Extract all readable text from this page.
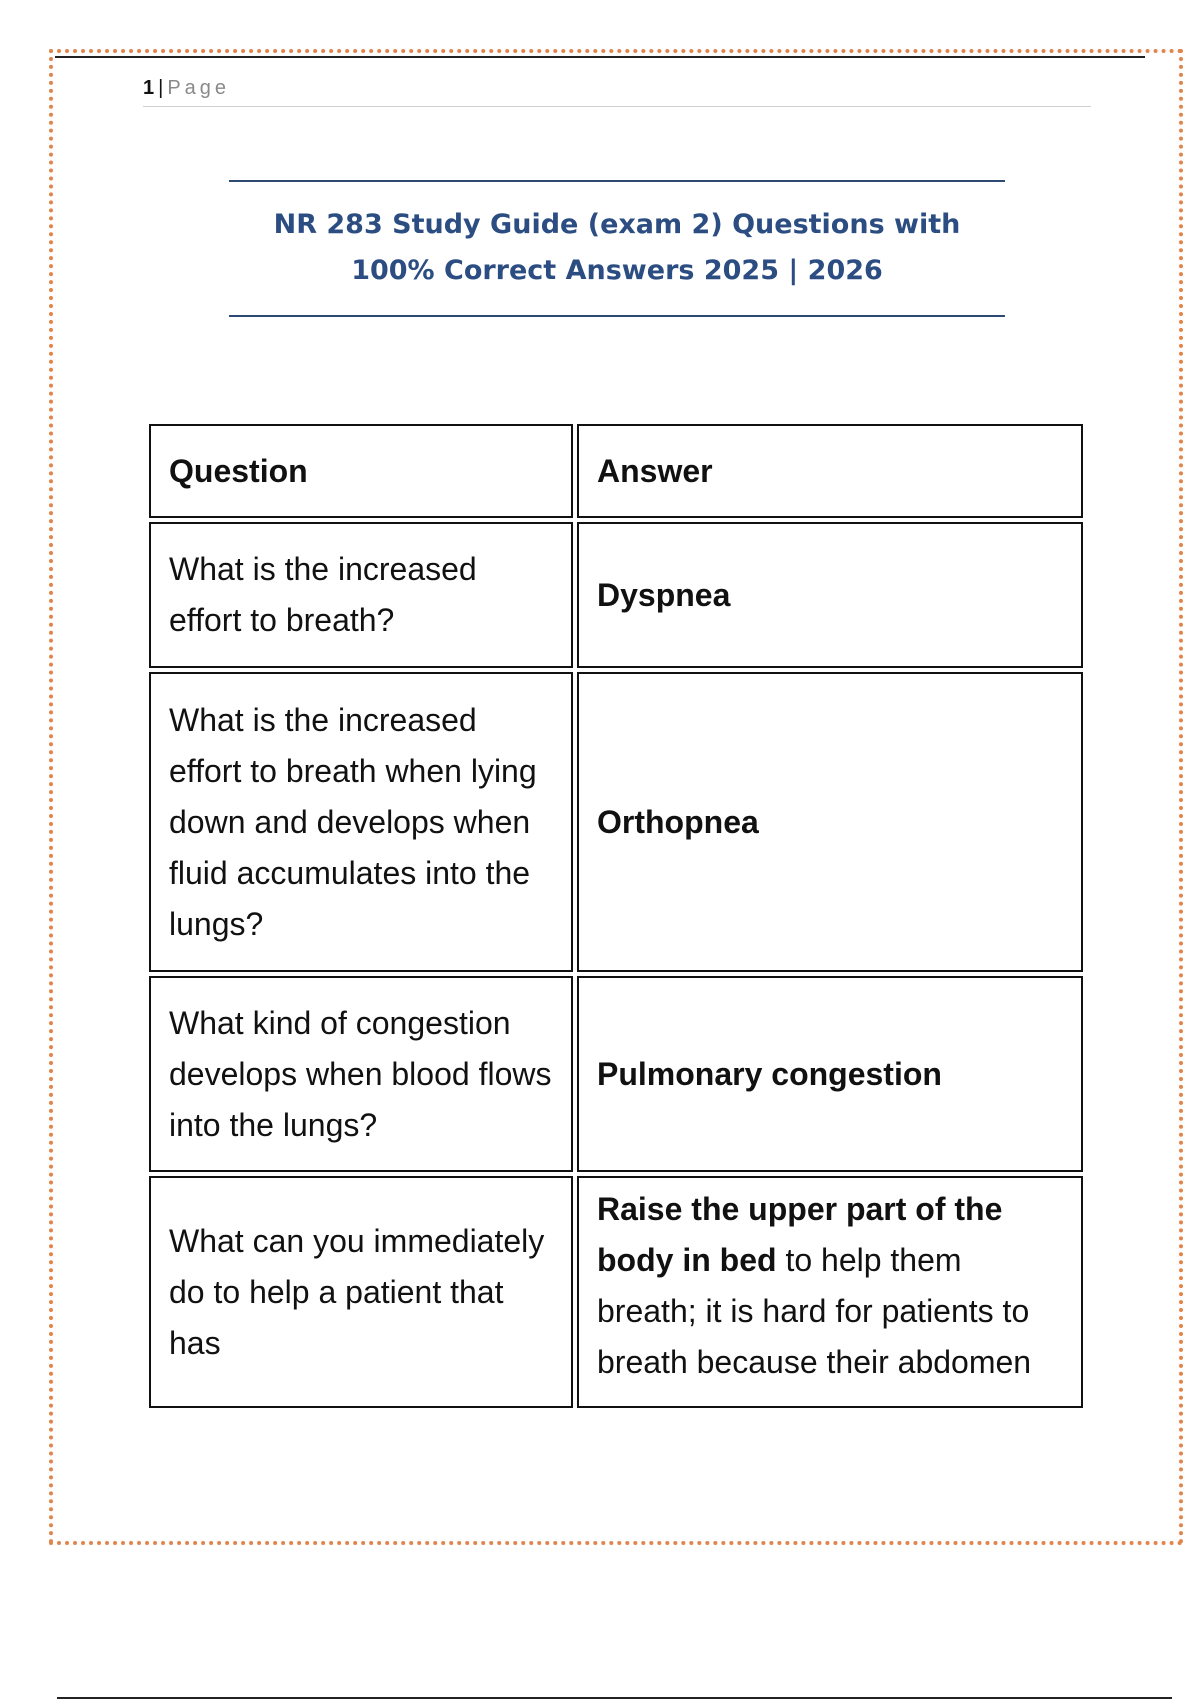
1 | Page
NR 283 Study Guide (exam 2) Questions with
100% Correct Answers 2025 | 2026
Question	Answer
What is the increased effort to breath?	Dyspnea
What is the increased effort to breath when lying down and develops when fluid accumulates into the lungs?	Orthopnea
What kind of congestion develops when blood flows into the lungs?	Pulmonary congestion
What can you immediately do to help a patient that has	Raise the upper part of the body in bed to help them breath; it is hard for patients to breath because their abdomen
